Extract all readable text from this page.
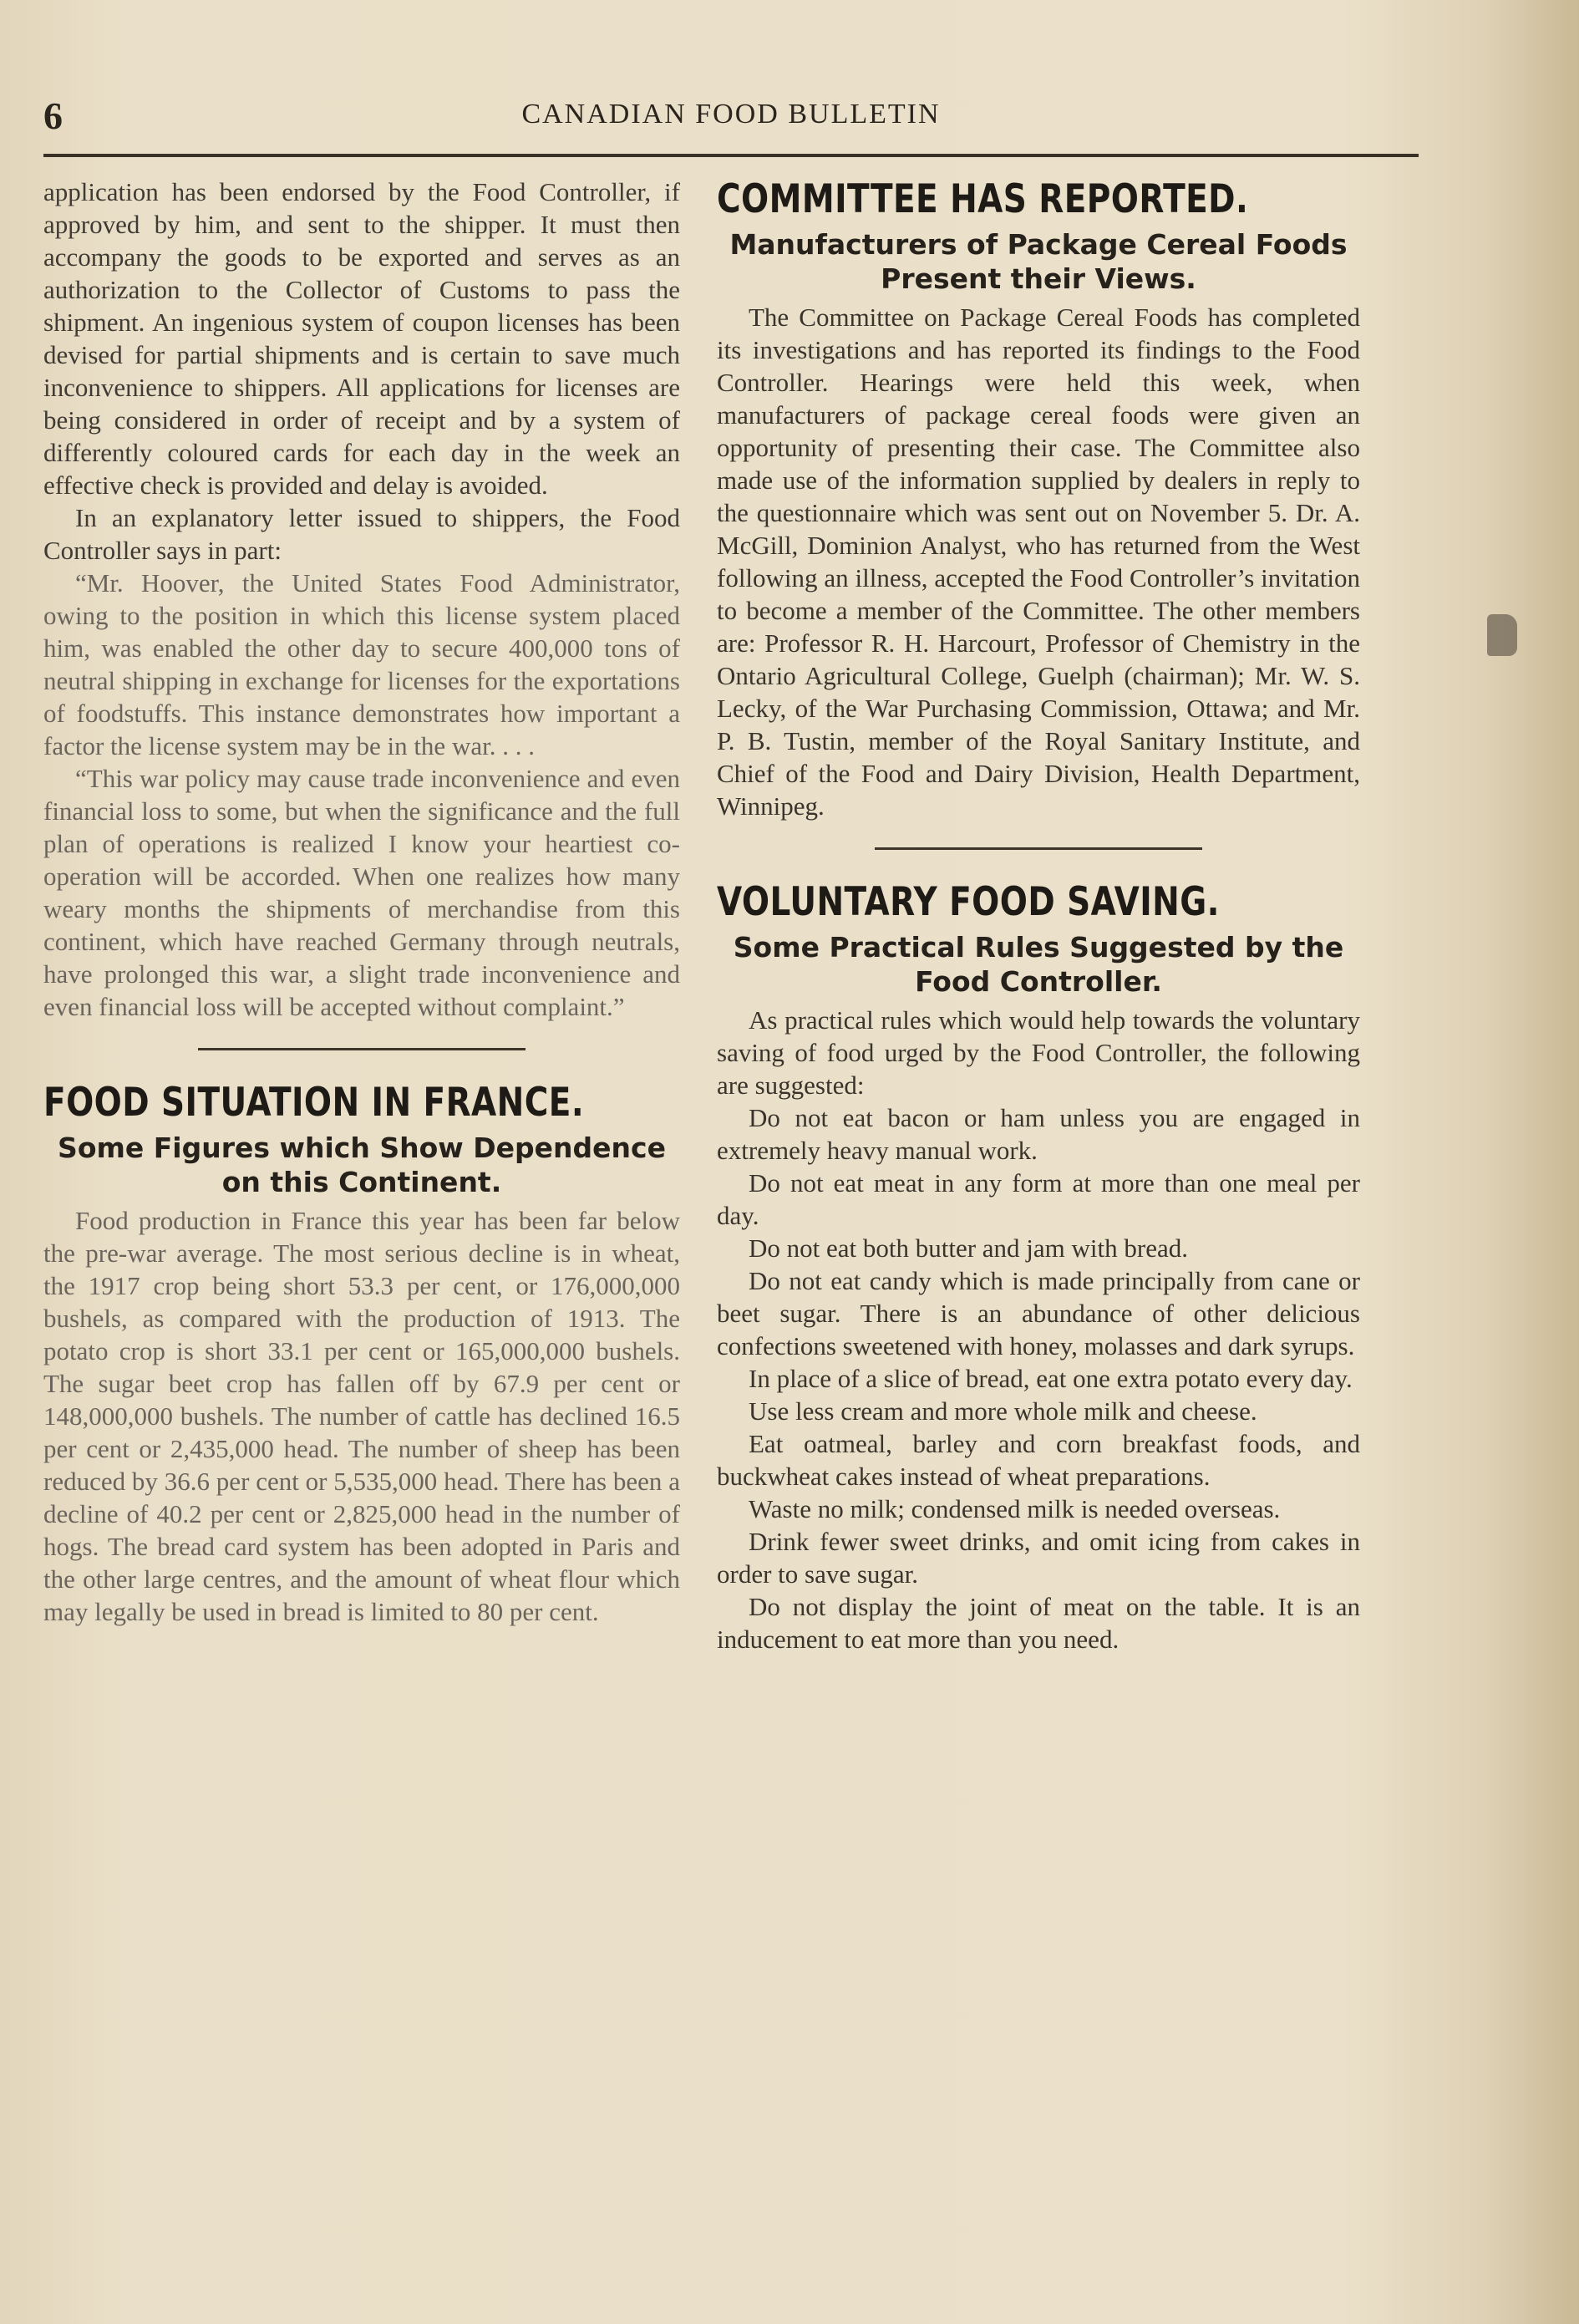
6	CANADIAN FOOD BULLETIN

application has been endorsed by the Food Controller, if approved by him, and sent to the shipper. It must then accompany the goods to be exported and serves as an authorization to the Collector of Customs to pass the shipment. An ingenious system of coupon licenses has been devised for partial shipments and is certain to save much inconvenience to shippers. All applications for licenses are being considered in order of receipt and by a system of differently coloured cards for each day in the week an effective check is provided and delay is avoided.

In an explanatory letter issued to shippers, the Food Controller says in part:

“Mr. Hoover, the United States Food Administrator, owing to the position in which this license system placed him, was enabled the other day to secure 400,000 tons of neutral shipping in exchange for licenses for the exportations of foodstuffs. This instance demonstrates how important a factor the license system may be in the war. . . .

“This war policy may cause trade inconvenience and even financial loss to some, but when the significance and the full plan of operations is realized I know your heartiest co-operation will be accorded. When one realizes how many weary months the shipments of merchandise from this continent, which have reached Germany through neutrals, have prolonged this war, a slight trade inconvenience and even financial loss will be accepted without complaint.”

FOOD SITUATION IN FRANCE.
Some Figures which Show Dependence on this Continent.

Food production in France this year has been far below the pre-war average. The most serious decline is in wheat, the 1917 crop being short 53.3 per cent, or 176,000,000 bushels, as compared with the production of 1913. The potato crop is short 33.1 per cent or 165,000,000 bushels. The sugar beet crop has fallen off by 67.9 per cent or 148,000,000 bushels. The number of cattle has declined 16.5 per cent or 2,435,000 head. The number of sheep has been reduced by 36.6 per cent or 5,535,000 head. There has been a decline of 40.2 per cent or 2,825,000 head in the number of hogs. The bread card system has been adopted in Paris and the other large centres, and the amount of wheat flour which may legally be used in bread is limited to 80 per cent.

COMMITTEE HAS REPORTED.
Manufacturers of Package Cereal Foods Present their Views.

The Committee on Package Cereal Foods has completed its investigations and has reported its findings to the Food Controller. Hearings were held this week, when manufacturers of package cereal foods were given an opportunity of presenting their case. The Committee also made use of the information supplied by dealers in reply to the questionnaire which was sent out on November 5. Dr. A. McGill, Dominion Analyst, who has returned from the West following an illness, accepted the Food Controller’s invitation to become a member of the Committee. The other members are: Professor R. H. Harcourt, Professor of Chemistry in the Ontario Agricultural College, Guelph (chairman); Mr. W. S. Lecky, of the War Purchasing Commission, Ottawa; and Mr. P. B. Tustin, member of the Royal Sanitary Institute, and Chief of the Food and Dairy Division, Health Department, Winnipeg.

VOLUNTARY FOOD SAVING.
Some Practical Rules Suggested by the Food Controller.

As practical rules which would help towards the voluntary saving of food urged by the Food Controller, the following are suggested:

Do not eat bacon or ham unless you are engaged in extremely heavy manual work.

Do not eat meat in any form at more than one meal per day.

Do not eat both butter and jam with bread.

Do not eat candy which is made principally from cane or beet sugar. There is an abundance of other delicious confections sweetened with honey, molasses and dark syrups.

In place of a slice of bread, eat one extra potato every day.

Use less cream and more whole milk and cheese.

Eat oatmeal, barley and corn breakfast foods, and buckwheat cakes instead of wheat preparations.

Waste no milk; condensed milk is needed overseas.

Drink fewer sweet drinks, and omit icing from cakes in order to save sugar.

Do not display the joint of meat on the table. It is an inducement to eat more than you need.
